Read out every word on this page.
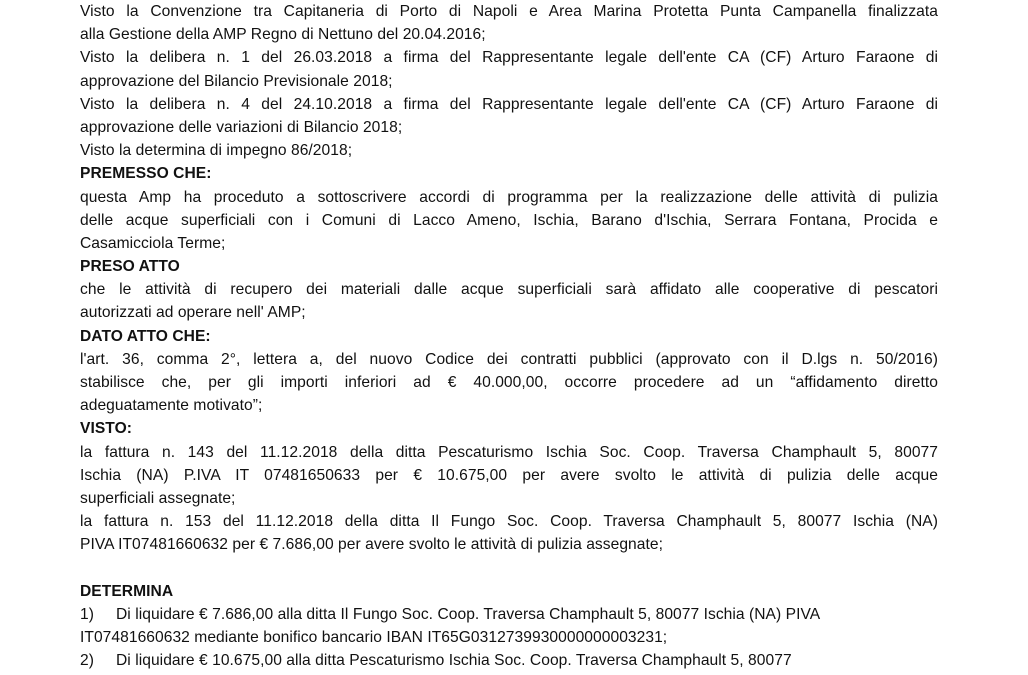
Visto la Convenzione tra Capitaneria di Porto di Napoli e Area Marina Protetta Punta Campanella finalizzata
alla Gestione della AMP Regno di Nettuno del 20.04.2016;
Visto la delibera n. 1 del 26.03.2018 a firma del Rappresentante legale dell'ente CA (CF) Arturo Faraone di
approvazione del Bilancio Previsionale 2018;
Visto la delibera n. 4 del 24.10.2018 a firma del Rappresentante legale dell'ente CA (CF) Arturo Faraone di
approvazione delle variazioni di Bilancio 2018;
Visto la determina di impegno 86/2018;
PREMESSO CHE:
questa Amp ha proceduto a sottoscrivere accordi di programma per la realizzazione delle attività di pulizia
delle acque superficiali con i Comuni di Lacco Ameno, Ischia, Barano d'Ischia, Serrara Fontana, Procida e
Casamicciola Terme;
PRESO ATTO
che le attività di recupero dei materiali dalle acque superficiali sarà affidato alle cooperative di pescatori
autorizzati ad operare nell' AMP;
DATO ATTO CHE:
l'art. 36, comma 2°, lettera a, del nuovo Codice dei contratti pubblici (approvato con il D.lgs n. 50/2016)
stabilisce che, per gli importi inferiori ad € 40.000,00, occorre procedere ad un “affidamento diretto
adeguatamente motivato”;
VISTO:
la fattura n. 143 del 11.12.2018 della ditta Pescaturismo Ischia Soc. Coop. Traversa Champhault 5, 80077
Ischia (NA) P.IVA IT 07481650633 per € 10.675,00 per avere svolto le attività di pulizia delle acque
superficiali assegnate;
la fattura n. 153 del 11.12.2018 della ditta Il Fungo Soc. Coop. Traversa Champhault 5, 80077 Ischia (NA)
PIVA IT07481660632 per € 7.686,00 per avere svolto le attività di pulizia assegnate;
DETERMINA
1) Di liquidare € 7.686,00 alla ditta Il Fungo Soc. Coop. Traversa Champhault 5, 80077 Ischia (NA) PIVA
IT07481660632 mediante bonifico bancario IBAN IT65G0312739930000000003231;
2) Di liquidare € 10.675,00 alla ditta Pescaturismo Ischia Soc. Coop. Traversa Champhault 5, 80077
